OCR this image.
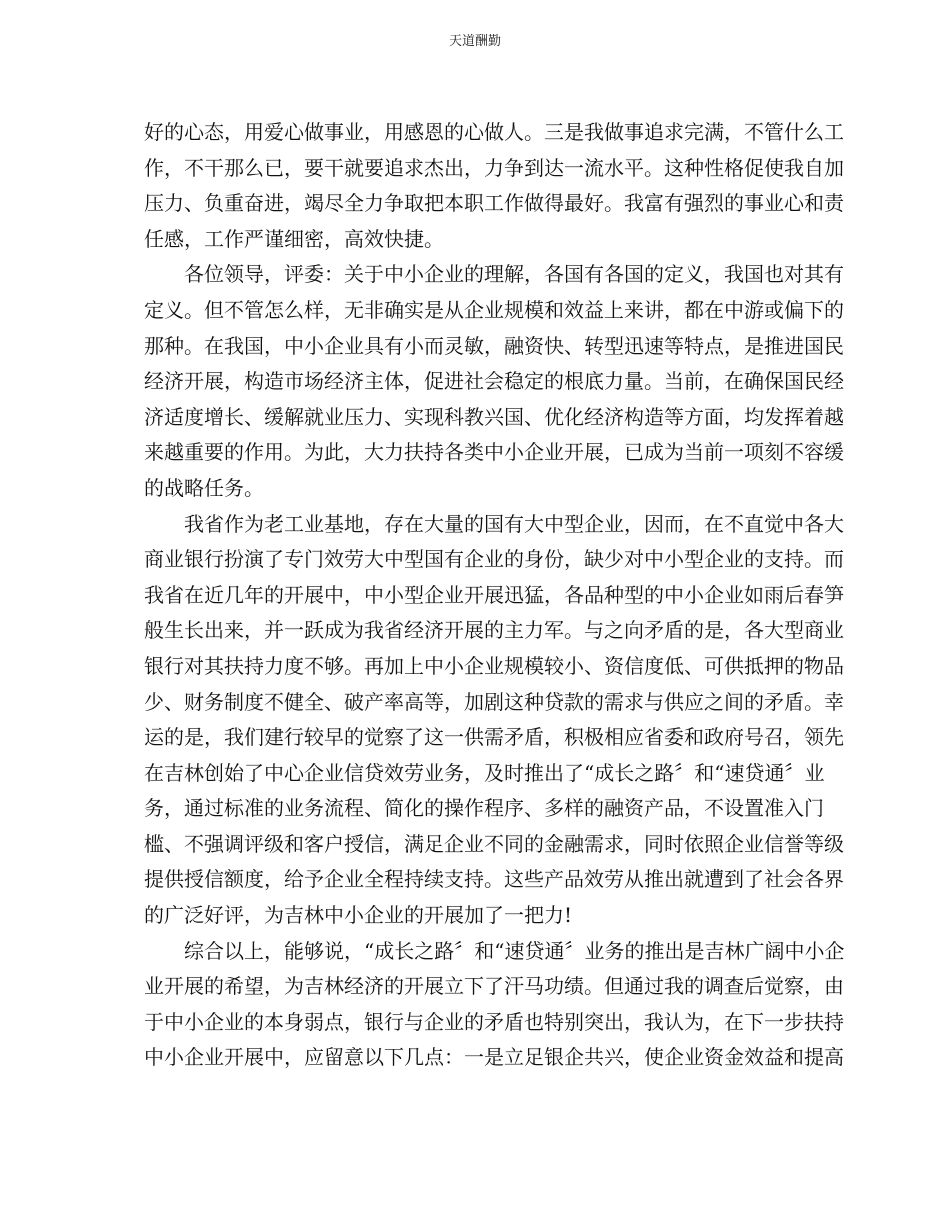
天道酬勤
好的心态，用爱心做事业，用感恩的心做人。三是我做事追求完满，不管什么工
作，不干那么已，要干就要追求杰出，力争到达一流水平。这种性格促使我自加
压力、负重奋进，竭尽全力争取把本职工作做得最好。我富有强烈的事业心和责
任感，工作严谨细密，高效快捷。
各位领导，评委：关于中小企业的理解，各国有各国的定义，我国也对其有
定义。但不管怎么样，无非确实是从企业规模和效益上来讲，都在中游或偏下的
那种。在我国，中小企业具有小而灵敏，融资快、转型迅速等特点，是推进国民
经济开展，构造市场经济主体，促进社会稳定的根底力量。当前，在确保国民经
济适度增长、缓解就业压力、实现科教兴国、优化经济构造等方面，均发挥着越
来越重要的作用。为此，大力扶持各类中小企业开展，已成为当前一项刻不容缓
的战略任务。
我省作为老工业基地，存在大量的国有大中型企业，因而，在不直觉中各大
商业银行扮演了专门效劳大中型国有企业的身份，缺少对中小型企业的支持。而
我省在近几年的开展中，中小型企业开展迅猛，各品种型的中小企业如雨后春笋
般生长出来，并一跃成为我省经济开展的主力军。与之向矛盾的是，各大型商业
银行对其扶持力度不够。再加上中小企业规模较小、资信度低、可供抵押的物品
少、财务制度不健全、破产率高等，加剧这种贷款的需求与供应之间的矛盾。幸
运的是，我们建行较早的觉察了这一供需矛盾，积极相应省委和政府号召，领先
在吉林创始了中心企业信贷效劳业务，及时推出了“成长之路〞和“速贷通〞业
务，通过标准的业务流程、简化的操作程序、多样的融资产品，不设置准入门
槛、不强调评级和客户授信，满足企业不同的金融需求，同时依照企业信誉等级
提供授信额度，给予企业全程持续支持。这些产品效劳从推出就遭到了社会各界
的广泛好评，为吉林中小企业的开展加了一把力!
综合以上，能够说，“成长之路〞和“速贷通〞业务的推出是吉林广阔中小企
业开展的希望，为吉林经济的开展立下了汗马功绩。但通过我的调查后觉察，由
于中小企业的本身弱点，银行与企业的矛盾也特别突出，我认为，在下一步扶持
中小企业开展中，应留意以下几点：一是立足银企共兴，使企业资金效益和提高
